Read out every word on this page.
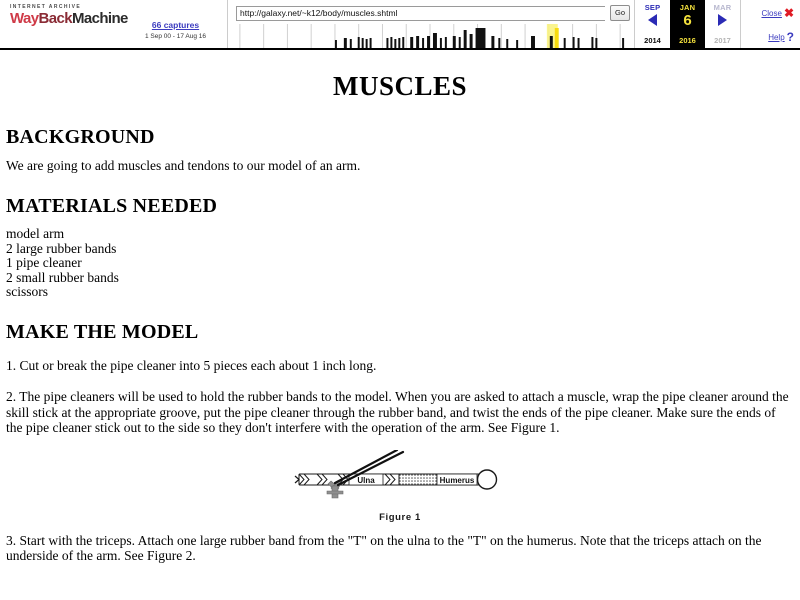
INTERNET ARCHIVE
WayBackMachine	66 captures
1 Sep 00 - 17 Aug 16
http://galaxy.net/~k12/body/muscles.shtml	Go
SEP
2014
JAN
6
2016
MAR
2017
Close ✖
Help ?
MUSCLES
BACKGROUND

We are going to add muscles and tendons to our model of an arm.

MATERIALS NEEDED
model arm
2 large rubber bands
1 pipe cleaner
2 small rubber bands
scissors
MAKE THE MODEL

1. Cut or break the pipe cleaner into 5 pieces each about 1 inch long.

2. The pipe cleaners will be used to hold the rubber bands to the model. When you are asked to attach a muscle, wrap the pipe cleaner around the skill stick at the appropriate groove, put the pipe cleaner through the rubber band, and twist the ends of the pipe cleaner. Make sure the ends of the pipe cleaner stick out to the side so they don't interfere with the operation of the arm. See Figure 1.

Ulna	Humerus
Figure 1

3. Start with the triceps. Attach one large rubber band from the "T" on the ulna to the "T" on the humerus. Note that the triceps attach on the underside of the arm. See Figure 2.
